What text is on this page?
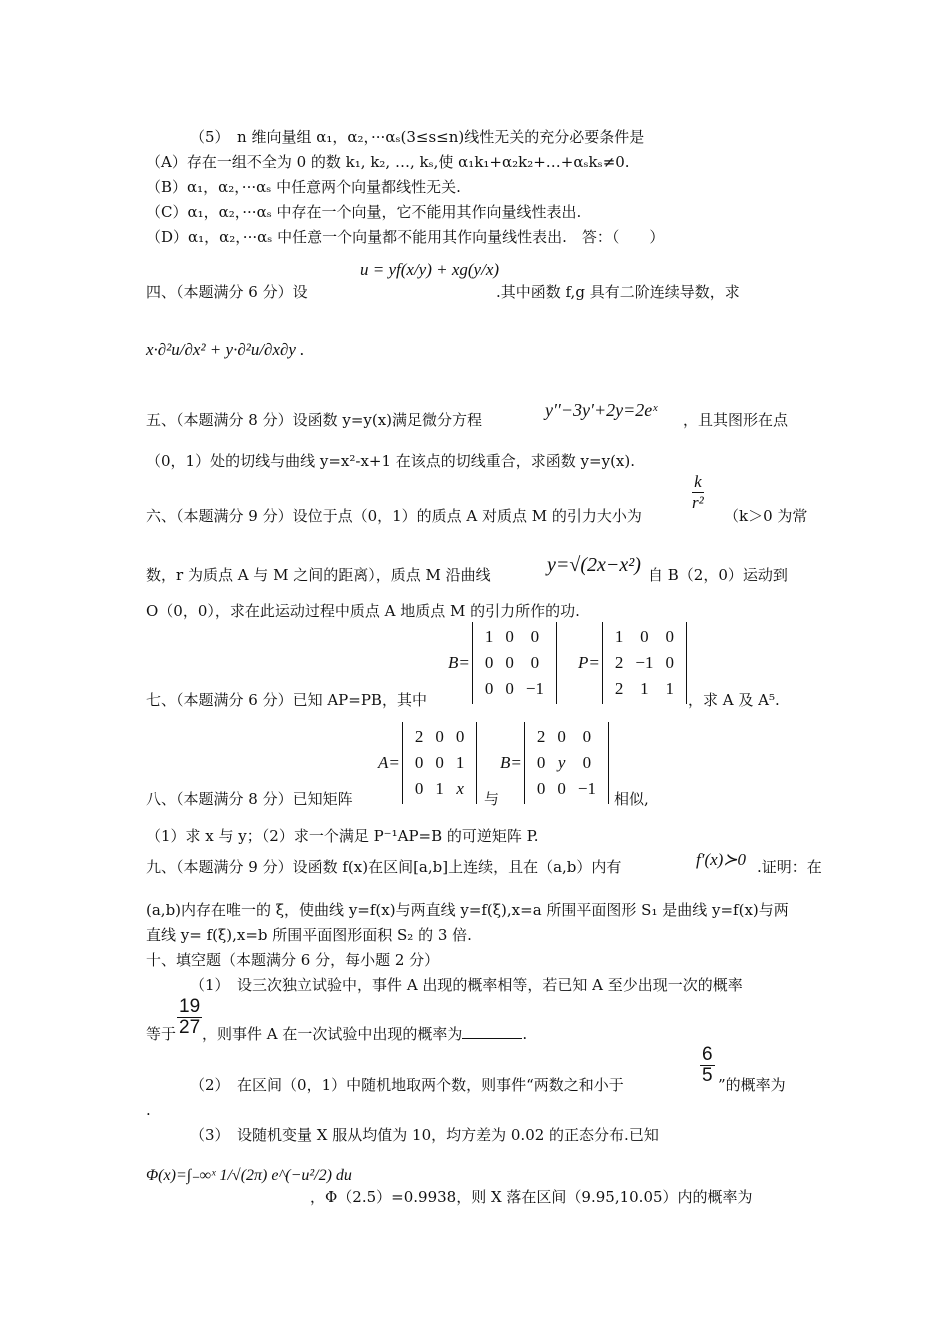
（5）　n 维向量组 α₁，α₂，···αₛ(3≤s≤n)线性无关的充分必要条件是
（A）存在一组不全为 0 的数 k₁, k₂, …, kₛ,使 α₁k₁+α₂k₂+…+αₛkₛ≠0.
（B）α₁，α₂，···αₛ 中任意两个向量都线性无关.
（C）α₁，α₂，···αₛ 中存在一个向量，它不能用其作向量线性表出.
（D）α₁，α₂，···αₛ 中任意一个向量都不能用其作向量线性表出.　答：（　　）
四、（本题满分 6 分）设
u = yf(x/y) + xg(y/x)
.其中函数 f,g 具有二阶连续导数，求
x·∂²u/∂x² + y·∂²u/∂x∂y .
五、（本题满分 8 分）设函数 y=y(x)满足微分方程	y′′−3y′+2y=2eˣ ，且其图形在点
（0，1）处的切线与曲线 y=x²-x+1 在该点的切线重合，求函数 y=y(x).
六、（本题满分 9 分）设位于点（0，1）的质点 A 对质点 M 的引力大小为
$\frac{k}{\text{r²}}$
（k＞0 为常
数，r 为质点 A 与 M 之间的距离），质点 M 沿曲线	y=√(2x−x²) 自 B（2，0）运动到
O（0，0），求在此运动过程中质点 A 地质点 M 的引力所作的功.
B=
1 0 0
0 0 0
0 0 −1
P=
1 0 0
2 −1 0
2 1 1
七、（本题满分 6 分）已知 AP=PB，其中	，求 A 及 A⁵.
A=
2 0 0
0 0 1
0 1 x
B=
2 0 0
0 y	0
0 0 −1
八、（本题满分 8 分）已知矩阵	与	相似,
（1）求 x 与 y；（2）求一个满足 P⁻¹AP=B 的可逆矩阵 P.
九、（本题满分 9 分）设函数 f(x)在区间[a,b]上连续，且在（a,b）内有	f′(x)≻0 .证明：在
(a,b)内存在唯一的 ξ，使曲线 y=f(x)与两直线 y=f(ξ),x=a 所围平面图形 S₁ 是曲线 y=f(x)与两
直线 y= f(ξ),x=b 所围平面图形面积 S₂ 的 3 倍.
十、填空题（本题满分 6 分，每小题 2 分）
（1）　设三次独立试验中，事件 A 出现的概率相等，若已知 A 至少出现一次的概率
等于 $\frac{19}{27}$ ，则事件 A 在一次试验中出现的概率为	.
（2）　在区间（0，1）中随机地取两个数，则事件“两数之和小于	$\frac{6}{5}$ ”的概率为
.
（3）　设随机变量 X 服从均值为 10，均方差为 0.02 的正态分布.已知
Φ(x)=∫₋∞ˣ 1/√(2π) e^(−u²/2) du
，Φ（2.5）=0.9938，则 X 落在区间（9.95,10.05）内的概率为
